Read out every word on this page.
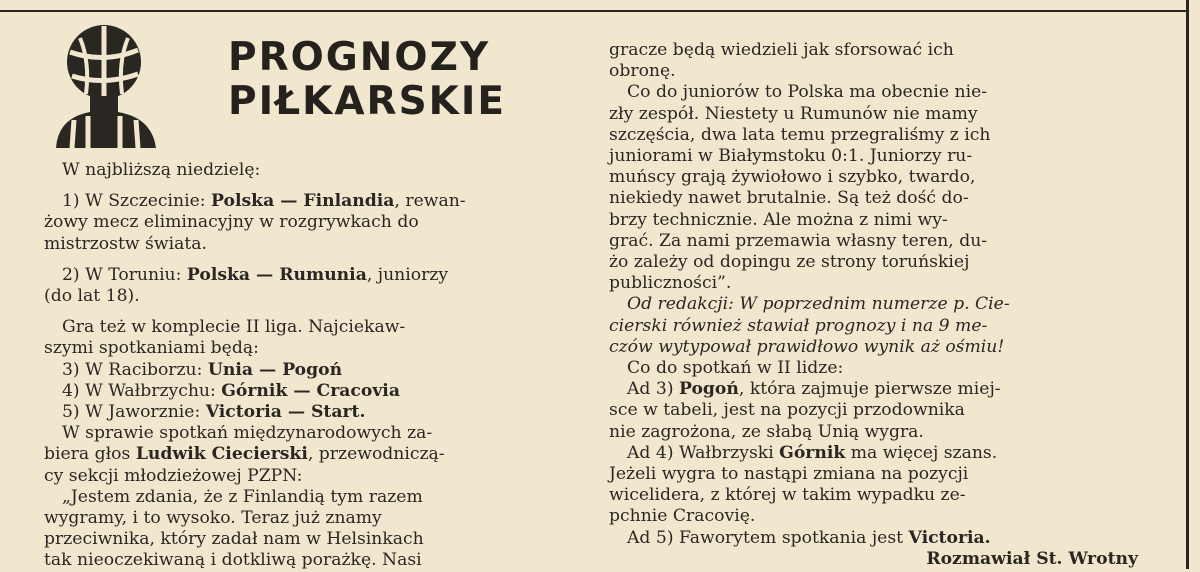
PROGNOZY
PIŁKARSKIE

W najbliższą niedzielę:

1) W Szczecinie: Polska — Finlandia, rewan-

żowy mecz eliminacyjny w rozgrywkach do

mistrzostw świata.

2) W Toruniu: Polska — Rumunia, juniorzy

(do lat 18).

Gra też w komplecie II liga. Najciekaw-

szymi spotkaniami będą:

3) W Raciborzu: Unia — Pogoń

4) W Wałbrzychu: Górnik — Cracovia

5) W Jaworznie: Victoria — Start.

W sprawie spotkań międzynarodowych za-

biera głos Ludwik Ciecierski, przewodniczą-

cy sekcji młodzieżowej PZPN:

„Jestem zdania, że z Finlandią tym razem

wygramy, i to wysoko. Teraz już znamy

przeciwnika, który zadał nam w Helsinkach

tak nieoczekiwaną i dotkliwą porażkę. Nasi

gracze będą wiedzieli jak sforsować ich

obronę.

Co do juniorów to Polska ma obecnie nie-

zły zespół. Niestety u Rumunów nie mamy

szczęścia, dwa lata temu przegraliśmy z ich

juniorami w Białymstoku 0:1. Juniorzy ru-

muńscy grają żywiołowo i szybko, twardo,

niekiedy nawet brutalnie. Są też dość do-

brzy technicznie. Ale można z nimi wy-

grać. Za nami przemawia własny teren, du-

żo zależy od dopingu ze strony toruńskiej

publiczności”.

Od redakcji: W poprzednim numerze p. Cie-

cierski również stawiał prognozy i na 9 me-

czów wytypował prawidłowo wynik aż ośmiu!

Co do spotkań w II lidze:

Ad 3) Pogoń, która zajmuje pierwsze miej-

sce w tabeli, jest na pozycji przodownika

nie zagrożona, ze słabą Unią wygra.

Ad 4) Wałbrzyski Górnik ma więcej szans.

Jeżeli wygra to nastąpi zmiana na pozycji

wicelidera, z której w takim wypadku ze-

pchnie Cracovię.

Ad 5) Faworytem spotkania jest Victoria.

Rozmawiał St. Wrotny
